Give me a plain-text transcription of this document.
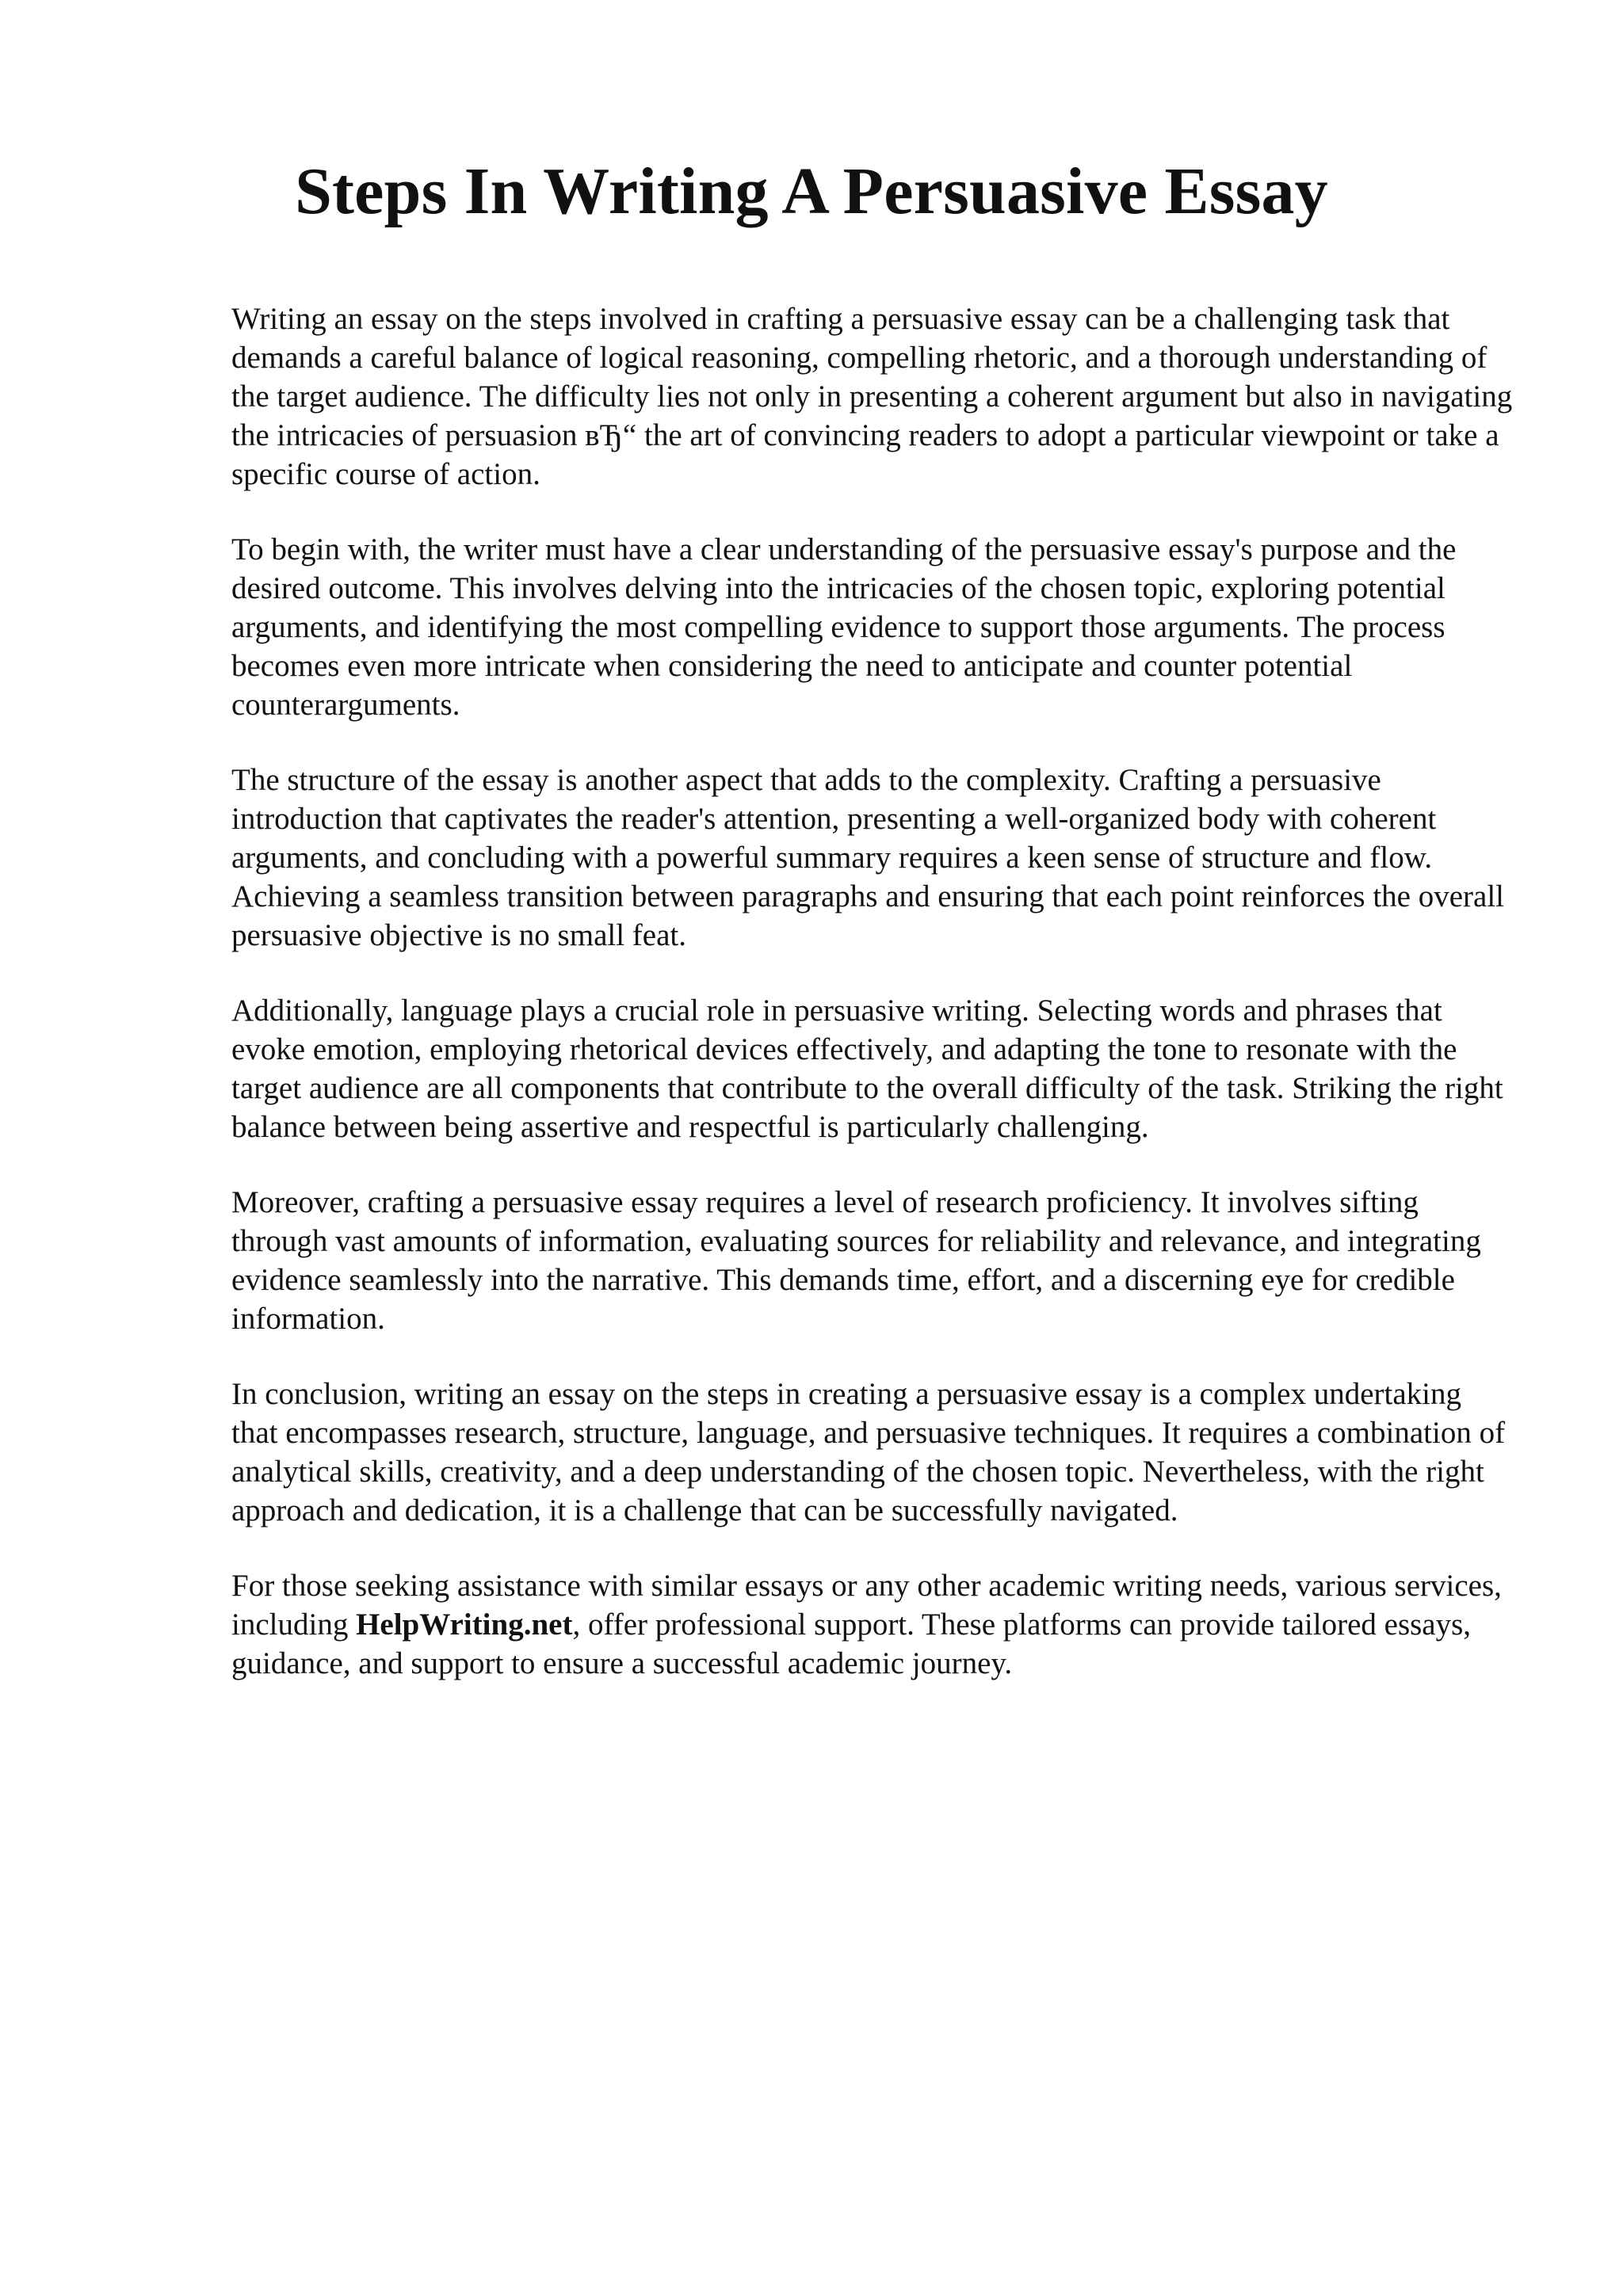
Steps In Writing A Persuasive Essay

Writing an essay on the steps involved in crafting a persuasive essay can be a challenging task that demands a careful balance of logical reasoning, compelling rhetoric, and a thorough understanding of the target audience. The difficulty lies not only in presenting a coherent argument but also in navigating the intricacies of persuasion вЂ“ the art of convincing readers to adopt a particular viewpoint or take a specific course of action.

To begin with, the writer must have a clear understanding of the persuasive essay's purpose and the desired outcome. This involves delving into the intricacies of the chosen topic, exploring potential arguments, and identifying the most compelling evidence to support those arguments. The process becomes even more intricate when considering the need to anticipate and counter potential counterarguments.

The structure of the essay is another aspect that adds to the complexity. Crafting a persuasive introduction that captivates the reader's attention, presenting a well-organized body with coherent arguments, and concluding with a powerful summary requires a keen sense of structure and flow. Achieving a seamless transition between paragraphs and ensuring that each point reinforces the overall persuasive objective is no small feat.

Additionally, language plays a crucial role in persuasive writing. Selecting words and phrases that evoke emotion, employing rhetorical devices effectively, and adapting the tone to resonate with the target audience are all components that contribute to the overall difficulty of the task. Striking the right balance between being assertive and respectful is particularly challenging.

Moreover, crafting a persuasive essay requires a level of research proficiency. It involves sifting through vast amounts of information, evaluating sources for reliability and relevance, and integrating evidence seamlessly into the narrative. This demands time, effort, and a discerning eye for credible information.

In conclusion, writing an essay on the steps in creating a persuasive essay is a complex undertaking that encompasses research, structure, language, and persuasive techniques. It requires a combination of analytical skills, creativity, and a deep understanding of the chosen topic. Nevertheless, with the right approach and dedication, it is a challenge that can be successfully navigated.

For those seeking assistance with similar essays or any other academic writing needs, various services, including HelpWriting.net, offer professional support. These platforms can provide tailored essays, guidance, and support to ensure a successful academic journey.
